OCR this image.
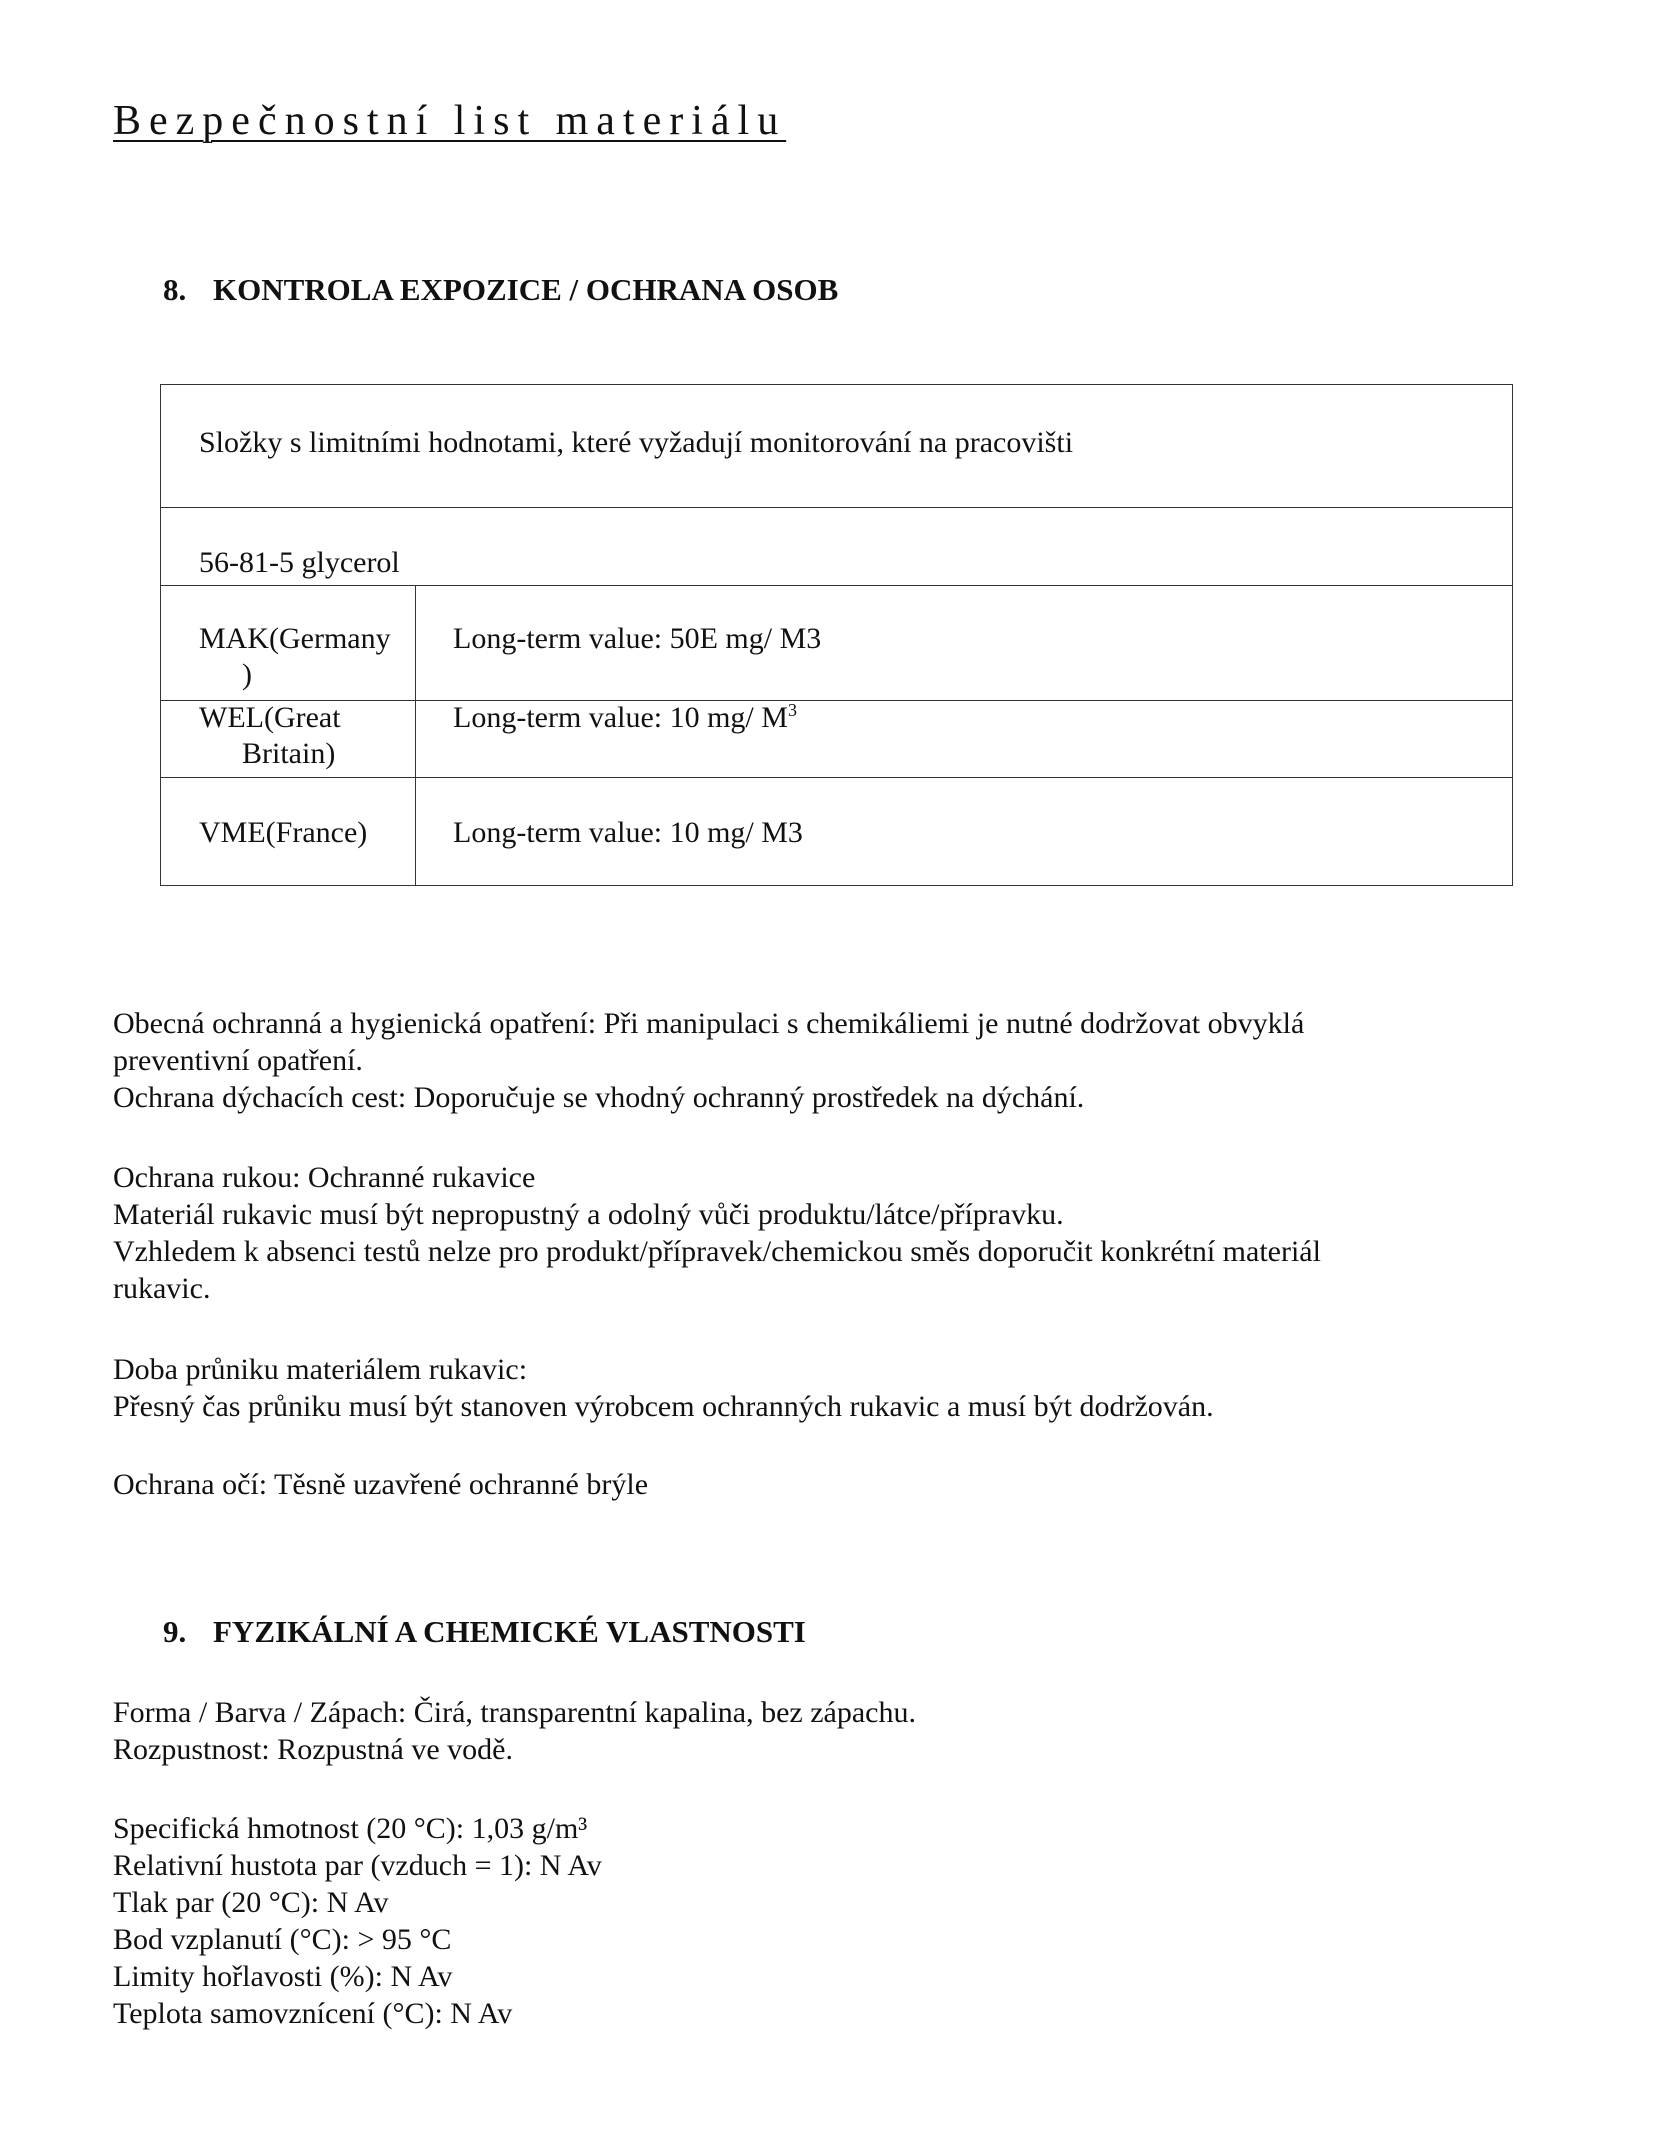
Bezpečnostní list materiálu
8. KONTROLA EXPOZICE / OCHRANA OSOB
Složky s limitními hodnotami, které vyžadují monitorování na pracovišti
56-81-5 glycerol
MAK(Germany
)
Long-term value: 50E mg/ M3
WEL(Great
Britain)
Long-term value: 10 mg/ $M^3$
VME(France)	Long-term value: 10 mg/ M3
Obecná ochranná a hygienická opatření: Při manipulaci s chemikáliemi je nutné dodržovat obvyklá
preventivní opatření.
Ochrana dýchacích cest: Doporučuje se vhodný ochranný prostředek na dýchání.
Ochrana rukou: Ochranné rukavice
Materiál rukavic musí být nepropustný a odolný vůči produktu/látce/přípravku.
Vzhledem k absenci testů nelze pro produkt/přípravek/chemickou směs doporučit konkrétní materiál
rukavic.
Doba průniku materiálem rukavic:
Přesný čas průniku musí být stanoven výrobcem ochranných rukavic a musí být dodržován.
Ochrana očí: Těsně uzavřené ochranné brýle
9. FYZIKÁLNÍ A CHEMICKÉ VLASTNOSTI
Forma / Barva / Zápach: Čirá, transparentní kapalina, bez zápachu.
Rozpustnost: Rozpustná ve vodě.
Specifická hmotnost (20 °C): 1,03 g/m³
Relativní hustota par (vzduch = 1): N Av
Tlak par (20 °C): N Av
Bod vzplanutí (°C): > 95 °C
Limity hořlavosti (%): N Av
Teplota samovznícení (°C): N Av
